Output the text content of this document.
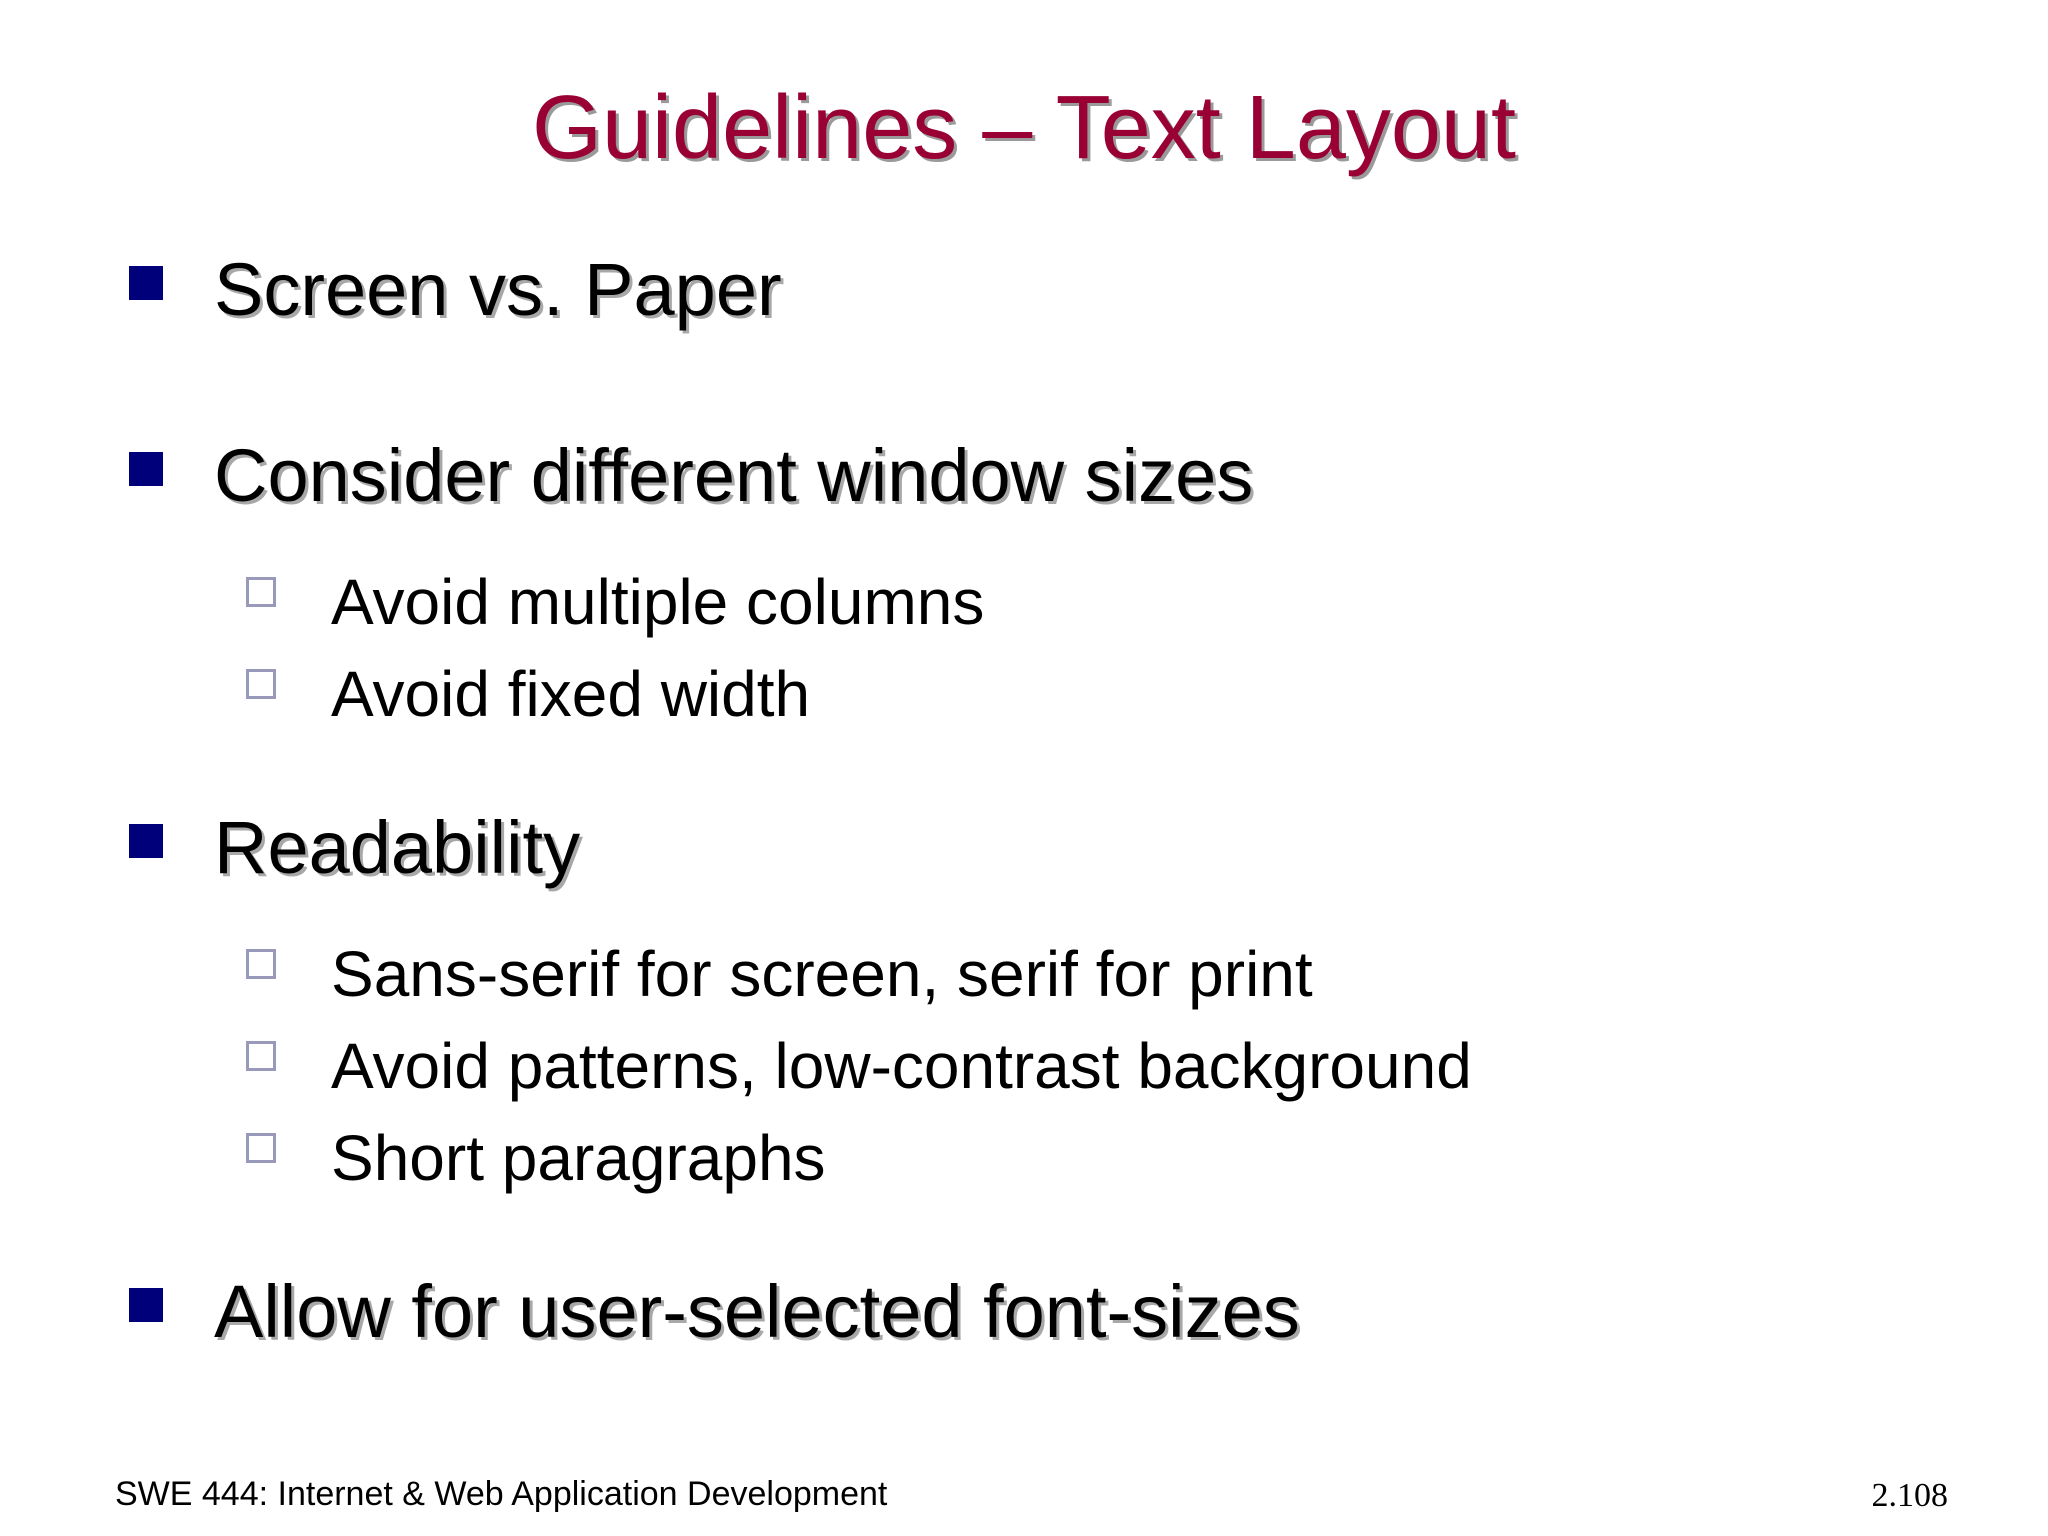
Guidelines – Text Layout
Screen vs. Paper
Consider different window sizes
Avoid multiple columns
Avoid fixed width
Readability
Sans-serif for screen, serif for print
Avoid patterns, low-contrast background
Short paragraphs
Allow for user-selected font-sizes
SWE 444: Internet & Web Application Development	2.108
